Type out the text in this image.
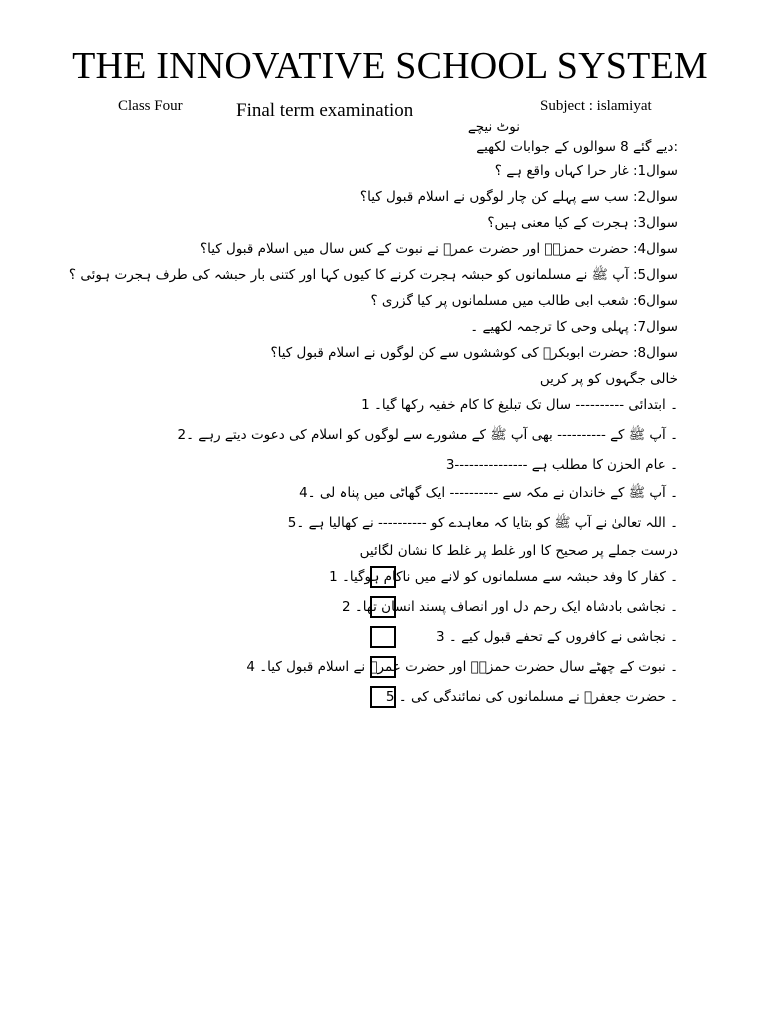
THE INNOVATIVE SCHOOL SYSTEM
Class Four	Final term examination	Subject : islamiyat
نوٹ نیچے
:دیے گئے 8 سوالوں کے جوابات لکھیے
سوال1: غار حرا کہاں واقع ہے ؟
سوال2: سب سے پہلے کن چار لوگوں نے اسلام قبول کیا؟
سوال3: ہجرت کے کیا معنی ہیں؟
سوال4: حضرت حمزہؓ اور حضرت عمرؓ نے نبوت کے کس سال میں اسلام قبول کیا؟
سوال5: آپ ﷺ نے مسلمانوں کو حبشہ ہجرت کرنے کا کیوں کہا اور کتنی بار حبشہ کی طرف ہجرت ہوئی ؟
سوال6: شعب ابی طالب میں مسلمانوں پر کیا گزری ؟
سوال7: پہلی وحی کا ترجمہ لکھیے ۔
سوال8: حضرت ابوبکرؓ کی کوششوں سے کن لوگوں نے اسلام قبول کیا؟
خالی جگہوں کو پر کریں
۔ ابتدائی ---------- سال تک تبلیغ کا کام خفیہ رکھا گیا۔ 1
۔ آپ ﷺ کے ---------- بھی آپ ﷺ کے مشورے سے لوگوں کو اسلام کی دعوت دیتے رہے ۔2
۔ عام الحزن کا مطلب ہے ---------------3
۔ آپ ﷺ کے خاندان نے مکہ سے ---------- ایک گھاٹی میں پناہ لی ۔4
۔ اللہ تعالیٰ نے آپ ﷺ کو بتایا کہ معاہدے کو ---------- نے کھالیا ہے ۔5
درست جملے پر صحیح کا اور غلط پر غلط کا نشان لگائیں
۔ کفار کا وفد حبشہ سے مسلمانوں کو لانے میں ناکام ہوگیا۔ 1
۔ نجاشی بادشاہ ایک رحم دل اور انصاف پسند انسان تھا۔ 2
۔ نجاشی نے کافروں کے تحفے قبول کیے ۔ 3
۔ نبوت کے چھٹے سال حضرت حمزہؓ اور حضرت عمرؓ نے اسلام قبول کیا۔ 4
۔ حضرت جعفرؓ نے مسلمانوں کی نمائندگی کی ۔ 5
